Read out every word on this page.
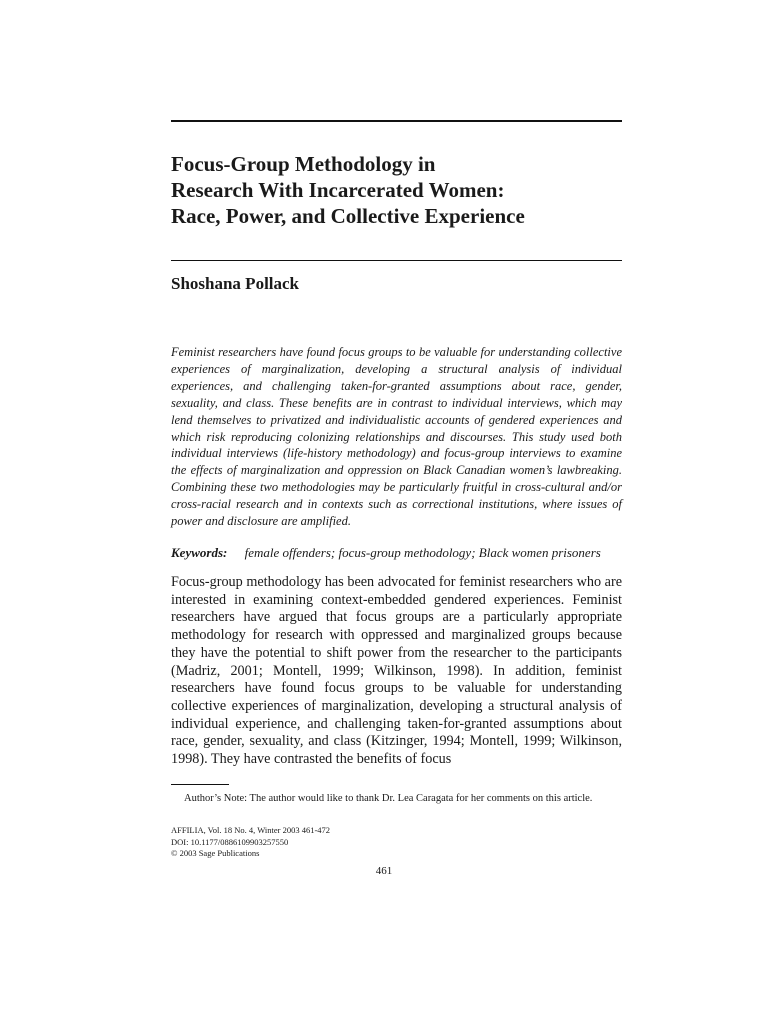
Focus-Group Methodology in
Research With Incarcerated Women:
Race, Power, and Collective Experience

Shoshana Pollack

Feminist researchers have found focus groups to be valuable for understanding collective experiences of marginalization, developing a structural analysis of individual experiences, and challenging taken-for-granted assumptions about race, gender, sexuality, and class. These benefits are in contrast to individual interviews, which may lend themselves to privatized and individualistic accounts of gendered experiences and which risk reproducing colonizing relationships and discourses. This study used both individual interviews (life-history methodology) and focus-group interviews to examine the effects of marginalization and oppression on Black Canadian women’s lawbreaking. Combining these two methodologies may be particularly fruitful in cross-cultural and/or cross-racial research and in contexts such as correctional institutions, where issues of power and disclosure are amplified.

Keywords: female offenders; focus-group methodology; Black women prisoners

Focus-group methodology has been advocated for feminist researchers who are interested in examining context-embedded gendered experiences. Feminist researchers have argued that focus groups are a particularly appropriate methodology for research with oppressed and marginalized groups because they have the potential to shift power from the researcher to the participants (Madriz, 2001; Montell, 1999; Wilkinson, 1998). In addition, feminist researchers have found focus groups to be valuable for understanding collective experiences of marginalization, developing a structural analysis of individual experience, and challenging taken-for-granted assumptions about race, gender, sexuality, and class (Kitzinger, 1994; Montell, 1999; Wilkinson, 1998). They have contrasted the benefits of focus

Author’s Note: The author would like to thank Dr. Lea Caragata for her comments on this article.

AFFILIA, Vol. 18 No. 4, Winter 2003 461-472
DOI: 10.1177/0886109903257550
© 2003 Sage Publications

461
